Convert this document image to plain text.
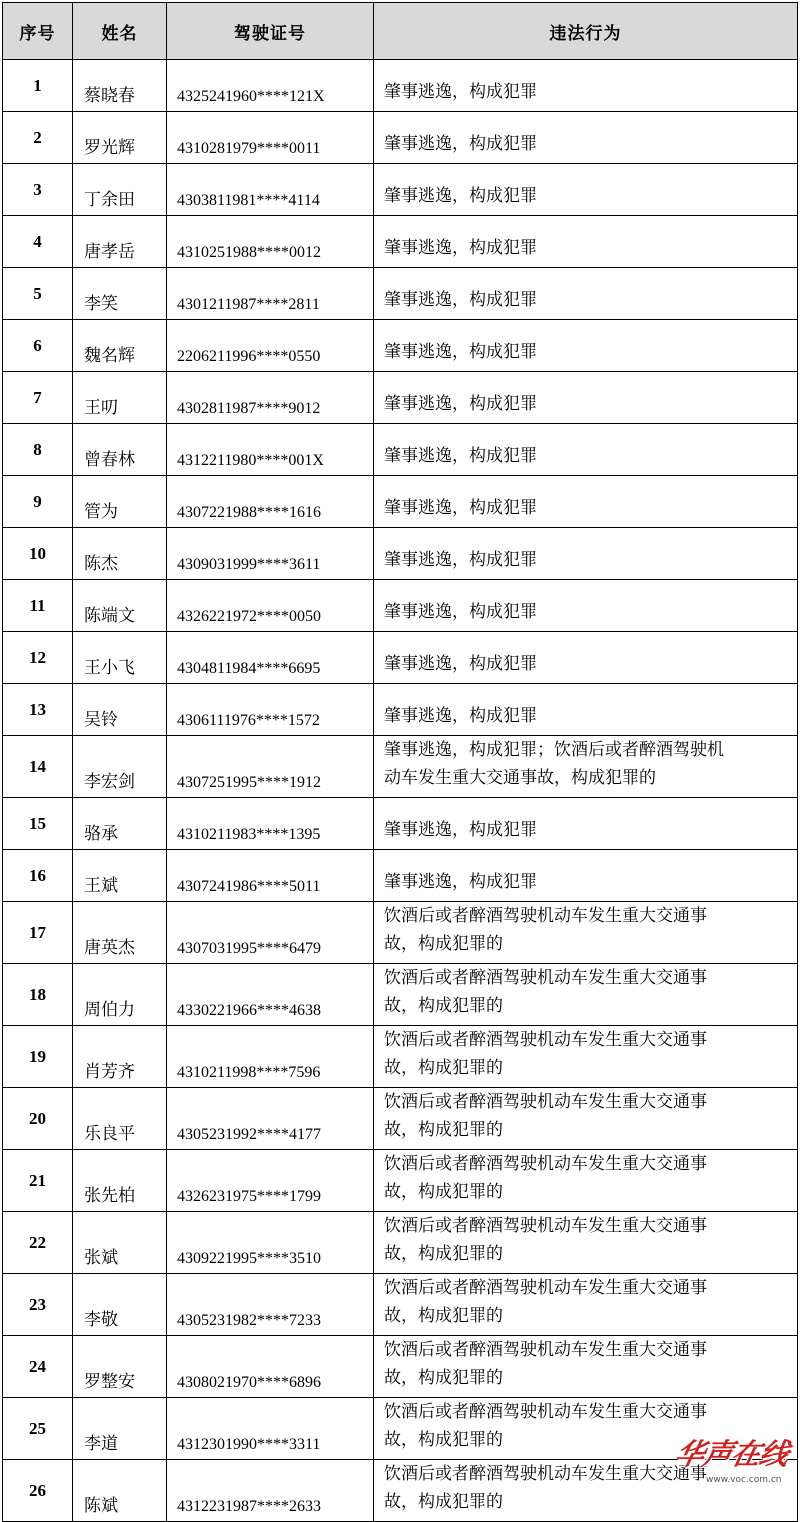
序号	姓名	驾驶证号	违法行为
1	蔡晓春	4325241960****121X	肇事逃逸，构成犯罪

2	罗光辉	4310281979****0011	肇事逃逸，构成犯罪

3	丁余田	4303811981****4114	肇事逃逸，构成犯罪

4	唐孝岳	4310251988****0012	肇事逃逸，构成犯罪

5	李笑	4301211987****2811	肇事逃逸，构成犯罪

6	魏名辉	2206211996****0550	肇事逃逸，构成犯罪

7	王叨	4302811987****9012	肇事逃逸，构成犯罪

8	曾春林	4312211980****001X	肇事逃逸，构成犯罪

9	管为	4307221988****1616	肇事逃逸，构成犯罪

10	陈杰	4309031999****3611	肇事逃逸，构成犯罪

11	陈端文	4326221972****0050	肇事逃逸，构成犯罪

12	王小飞	4304811984****6695	肇事逃逸，构成犯罪

13	吴铃	4306111976****1572	肇事逃逸，构成犯罪

14	李宏剑	4307251995****1912	肇事逃逸，构成犯罪；饮酒后或者醉酒驾驶机
动车发生重大交通事故，构成犯罪的

15	骆承	4310211983****1395	肇事逃逸，构成犯罪

16	王斌	4307241986****5011	肇事逃逸，构成犯罪

17	唐英杰	4307031995****6479	饮酒后或者醉酒驾驶机动车发生重大交通事
故，构成犯罪的

18	周伯力	4330221966****4638	饮酒后或者醉酒驾驶机动车发生重大交通事
故，构成犯罪的

19	肖芳齐	4310211998****7596	饮酒后或者醉酒驾驶机动车发生重大交通事
故，构成犯罪的

20	乐良平	4305231992****4177	饮酒后或者醉酒驾驶机动车发生重大交通事
故，构成犯罪的

21	张先柏	4326231975****1799	饮酒后或者醉酒驾驶机动车发生重大交通事
故，构成犯罪的

22	张斌	4309221995****3510	饮酒后或者醉酒驾驶机动车发生重大交通事
故，构成犯罪的

23	李敬	4305231982****7233	饮酒后或者醉酒驾驶机动车发生重大交通事
故，构成犯罪的

24	罗整安	4308021970****6896	饮酒后或者醉酒驾驶机动车发生重大交通事
故，构成犯罪的

25	李道	4312301990****3311	饮酒后或者醉酒驾驶机动车发生重大交通事
故，构成犯罪的

26	陈斌	4312231987****2633	饮酒后或者醉酒驾驶机动车发生重大交通事
故，构成犯罪的
华声在线
www.voc.com.cn
